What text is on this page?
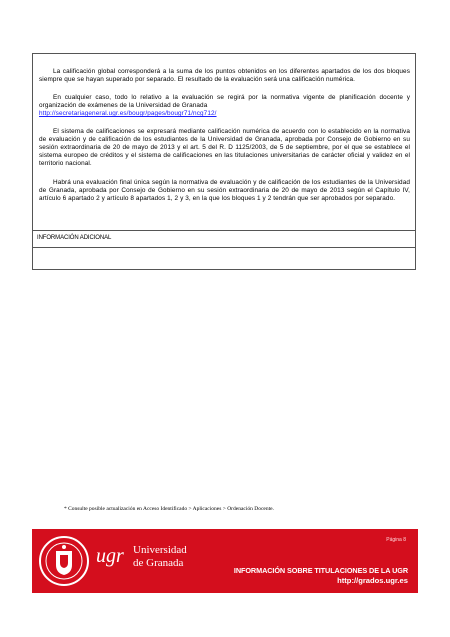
La calificación global corresponderá a la suma de los puntos obtenidos en los diferentes apartados de los dos bloques siempre que se hayan superado por separado. El resultado de la evaluación será una calificación numérica.
En cualquier caso, todo lo relativo a la evaluación se regirá por la normativa vigente de planificación docente y organización de exámenes de la Universidad de Granada
http://secretariageneral.ugr.es/bougr/pages/bougr71/ncg712/
El sistema de calificaciones se expresará mediante calificación numérica de acuerdo con lo establecido en la normativa de evaluación y de calificación de los estudiantes de la Universidad de Granada, aprobada por Consejo de Gobierno en su sesión extraordinaria de 20 de mayo de 2013 y el art. 5 del R. D 1125/2003, de 5 de septiembre, por el que se establece el sistema europeo de créditos y el sistema de calificaciones en las titulaciones universitarias de carácter oficial y validez en el territorio nacional.
Habrá una evaluación final única según la normativa de evaluación y de calificación de los estudiantes de la Universidad de Granada, aprobada por Consejo de Gobierno en su sesión extraordinaria de 20 de mayo de 2013 según el Capítulo IV, artículo 6 apartado 2 y artículo 8 apartados 1, 2 y 3, en la que los bloques 1 y 2 tendrán que ser aprobados por separado.
INFORMACIÓN ADICIONAL
* Consulte posible actualización en Acceso Identificado > Aplicaciones > Ordenación Docente.
ugr Universidad
de Granada
Página 8
INFORMACIÓN SOBRE TITULACIONES DE LA UGR
http://grados.ugr.es
